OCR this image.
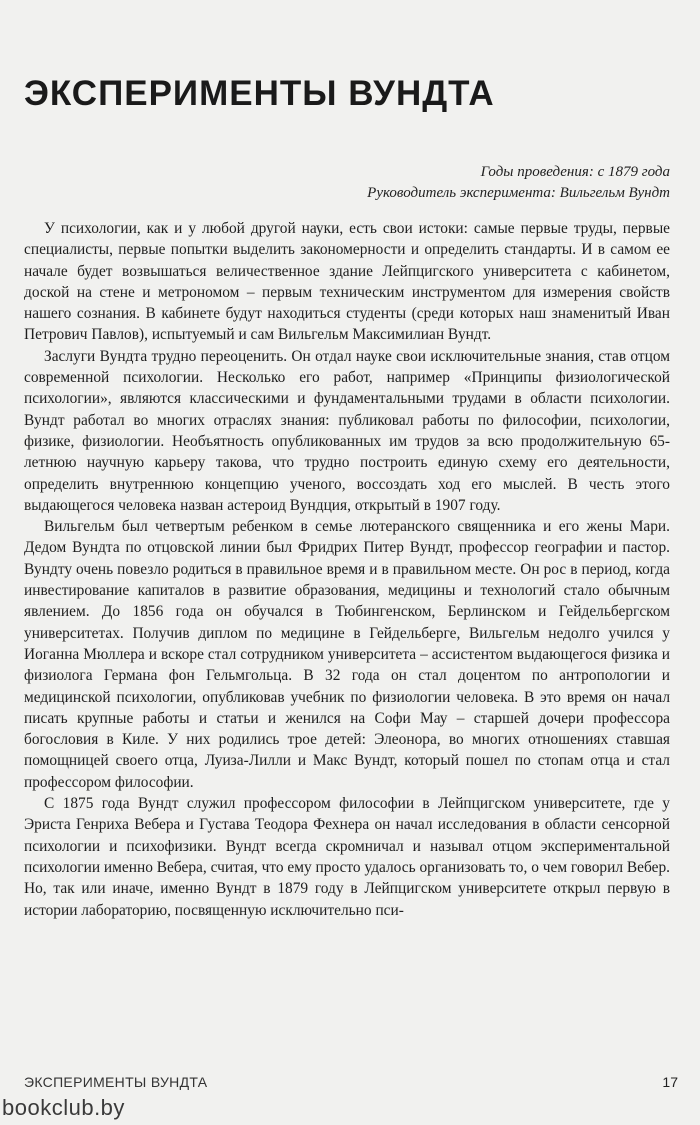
ЭКСПЕРИМЕНТЫ ВУНДТА
Годы проведения: с 1879 года
Руководитель эксперимента: Вильгельм Вундт

У психологии, как и у любой другой науки, есть свои истоки: самые первые труды, первые специалисты, первые попытки выделить закономерности и определить стандарты. И в самом ее начале будет возвышаться величественное здание Лейпцигского университета с кабинетом, доской на стене и метрономом – первым техническим инструментом для измерения свойств нашего сознания. В кабинете будут находиться студенты (среди которых наш знаменитый Иван Петрович Павлов), испытуемый и сам Вильгельм Максимилиан Вундт.

Заслуги Вундта трудно переоценить. Он отдал науке свои исключительные знания, став отцом современной психологии. Несколько его работ, например «Принципы физиологической психологии», являются классическими и фундаментальными трудами в области психологии. Вундт работал во многих отраслях знания: публиковал работы по философии, психологии, физике, физиологии. Необъятность опубликованных им трудов за всю продолжительную 65-летнюю научную карьеру такова, что трудно построить единую схему его деятельности, определить внутреннюю концепцию ученого, воссоздать ход его мыслей. В честь этого выдающегося человека назван астероид Вундция, открытый в 1907 году.

Вильгельм был четвертым ребенком в семье лютеранского священника и его жены Мари. Дедом Вундта по отцовской линии был Фридрих Питер Вундт, профессор географии и пастор. Вундту очень повезло родиться в правильное время и в правильном месте. Он рос в период, когда инвестирование капиталов в развитие образования, медицины и технологий стало обычным явлением. До 1856 года он обучался в Тюбингенском, Берлинском и Гейдельбергском университетах. Получив диплом по медицине в Гейдельберге, Вильгельм недолго учился у Иоганна Мюллера и вскоре стал сотрудником университета – ассистентом выдающегося физика и физиолога Германа фон Гельмгольца. В 32 года он стал доцентом по антропологии и медицинской психологии, опубликовав учебник по физиологии человека. В это время он начал писать крупные работы и статьи и женился на Софи Мау – старшей дочери профессора богословия в Киле. У них родились трое детей: Элеонора, во многих отношениях ставшая помощницей своего отца, Луиза-Лилли и Макс Вундт, который пошел по стопам отца и стал профессором философии.

С 1875 года Вундт служил профессором философии в Лейпцигском университете, где у Эриста Генриха Вебера и Густава Теодора Фехнера он начал исследования в области сенсорной психологии и психофизики. Вундт всегда скромничал и называл отцом экспериментальной психологии именно Вебера, считая, что ему просто удалось организовать то, о чем говорил Вебер. Но, так или иначе, именно Вундт в 1879 году в Лейпцигском университете открыл первую в истории лабораторию, посвященную исключительно пси-

ЭКСПЕРИМЕНТЫ ВУНДТА	17
bookclub.by
